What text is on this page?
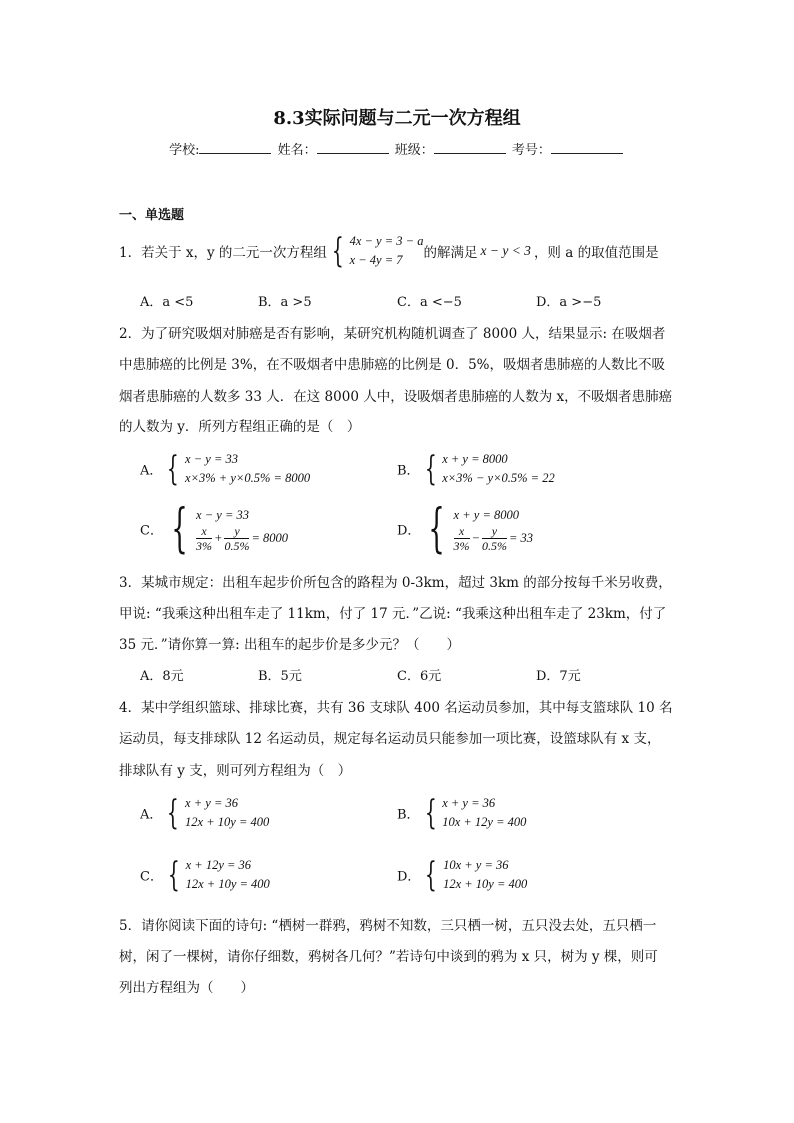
8.3实际问题与二元一次方程组
学校:	姓名：	班级：	考号：
一、单选题
1．若关于 x，y 的二元一次方程组 { 4x − y = 3 − a
x − 4y = 7	的解满足 x − y < 3 ，则 a 的取值范围是
A．a <5	B．a >5	C．a <−5	D．a >−5
2．为了研究吸烟对肺癌是否有影响，某研究机构随机调查了 8000 人，结果显示: 在吸烟者
中患肺癌的比例是 3%，在不吸烟者中患肺癌的比例是 0．5%，吸烟者患肺癌的人数比不吸
烟者患肺癌的人数多 33 人．在这 8000 人中，设吸烟者患肺癌的人数为 x，不吸烟者患肺癌
的人数为 y．所列方程组正确的是（　）
A． { x − y = 33
x×3% + y×0.5% = 8000	B． { x + y = 8000
x×3% − y×0.5% = 22
C． { x − y = 33
$\frac{x}{3\%} + \frac{y}{0.5\%} = 8000$	D． { x + y = 8000
$\frac{x}{3\%} - \frac{y}{0.5\%} = 33$
3．某城市规定：出租车起步价所包含的路程为 0-3km，超过 3km 的部分按每千米另收费，
甲说: “我乘这种出租车走了 11km，付了 17 元．”乙说: “我乘这种出租车走了 23km，付了
35 元．”请你算一算: 出租车的起步价是多少元？（　　）
A．8元	B．5元	C．6元	D．7元
4．某中学组织篮球、排球比赛，共有 36 支球队 400 名运动员参加，其中每支篮球队 10 名
运动员，每支排球队 12 名运动员，规定每名运动员只能参加一项比赛，设篮球队有 x 支，
排球队有 y 支，则可列方程组为（　）
A． { x + y = 36
12x + 10y = 400	B． { x + y = 36
10x + 12y = 400
C． { x + 12y = 36
12x + 10y = 400	D． { 10x + y = 36
12x + 10y = 400
5．请你阅读下面的诗句: “栖树一群鸦，鸦树不知数，三只栖一树，五只没去处，五只栖一
树，闲了一棵树，请你仔细数，鸦树各几何？”若诗句中谈到的鸦为 x 只，树为 y 棵，则可
列出方程组为（　　）
